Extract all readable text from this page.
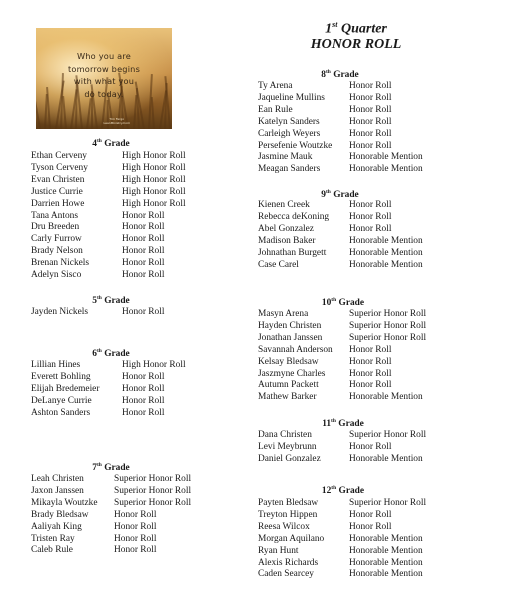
Who you are
tomorrow begins
with what you
do today.
Tim Fargo
LeanMinistry.Com
1st Quarter
HONOR ROLL
4th Grade
Ethan Cerveny	High Honor Roll
Tyson Cerveny	High Honor Roll
Evan Christen	High Honor Roll
Justice Currie	High Honor Roll
Darrien Howe	High Honor Roll
Tana Antons	Honor Roll
Dru Breeden	Honor Roll
Carly Furrow	Honor Roll
Brady Nelson	Honor Roll
Brenan Nickels	Honor Roll
Adelyn Sisco	Honor Roll
5th Grade
Jayden Nickels	Honor Roll
6th Grade
Lillian Hines	High Honor Roll
Everett Bohling	Honor Roll
Elijah Bredemeier Honor Roll
DeLanye Currie	Honor Roll
Ashton Sanders	Honor Roll
7th Grade
Leah Christen	Superior Honor Roll
Jaxon Janssen	Superior Honor Roll
Mikayla Woutzke Superior Honor Roll
Brady Bledsaw	Honor Roll
Aaliyah King	Honor Roll
Tristen Ray	Honor Roll
Caleb Rule	Honor Roll
8th Grade
Ty Arena	Honor Roll
Jaqueline Mullins	Honor Roll
Ean Rule	Honor Roll
Katelyn Sanders	Honor Roll
Carleigh Weyers	Honor Roll
Persefenie Woutzke Honor Roll
Jasmine Mauk	Honorable Mention
Meagan Sanders	Honorable Mention
9th Grade
Kienen Creek	Honor Roll
Rebecca deKoning Honor Roll
Abel Gonzalez	Honor Roll
Madison Baker	Honorable Mention
Johnathan Burgett Honorable Mention
Case Carel	Honorable Mention
10th Grade
Masyn Arena	Superior Honor Roll
Hayden Christen	Superior Honor Roll
Jonathan Janssen	Superior Honor Roll
Savannah Anderson Honor Roll
Kelsay Bledsaw	Honor Roll
Jaszmyne Charles	Honor Roll
Autumn Packett	Honor Roll
Mathew Barker	Honorable Mention
11th Grade
Dana Christen	Superior Honor Roll
Levi Meybrunn	Honor Roll
Daniel Gonzalez	Honorable Mention
12th Grade
Payten Bledsaw	Superior Honor Roll
Treyton Hippen	Honor Roll
Reesa Wilcox	Honor Roll
Morgan Aquilano	Honorable Mention
Ryan Hunt	Honorable Mention
Alexis Richards	Honorable Mention
Caden Searcey	Honorable Mention
